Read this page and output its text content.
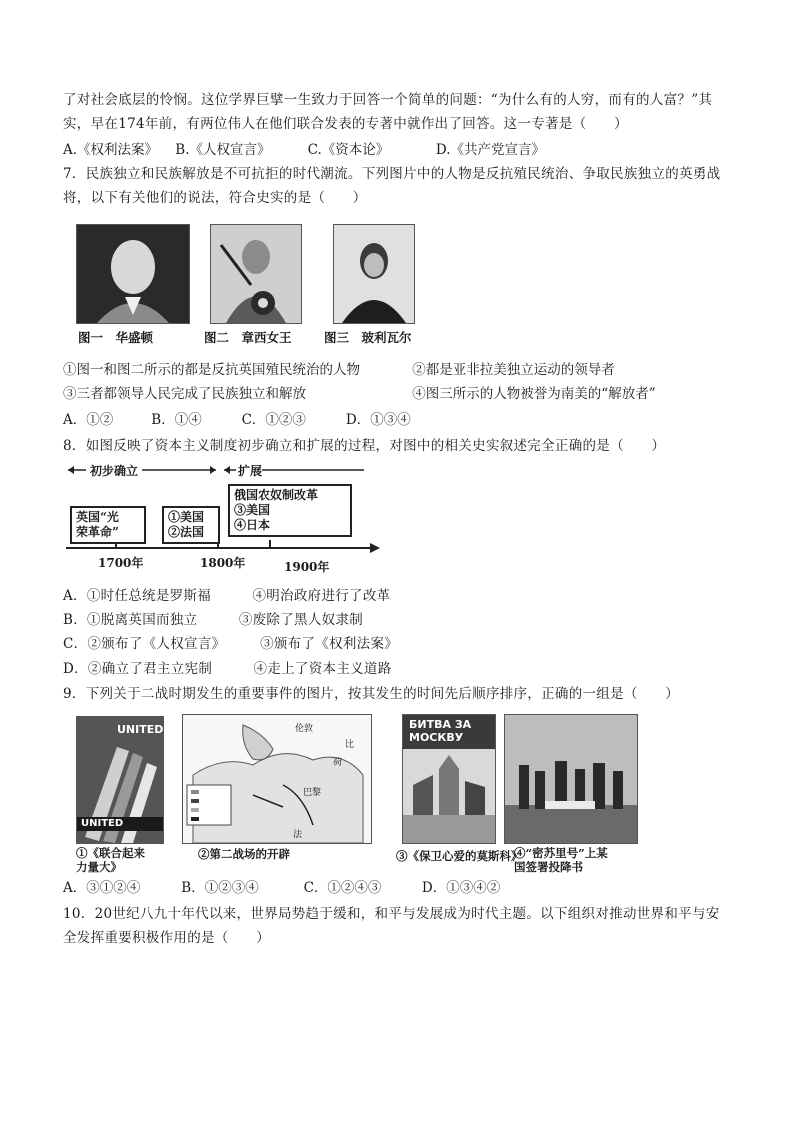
了对社会底层的怜悯。这位学界巨擘一生致力于回答一个简单的问题：“为什么有的人穷，而有的人富？”其
实，早在174年前，有两位伟人在他们联合发表的专著中就作出了回答。这一专著是（　　）
A.《权利法案》 B.《人权宣言》	C.《资本论》	D.《共产党宣言》
7．民族独立和民族解放是不可抗拒的时代潮流。下列图片中的人物是反抗殖民统治、争取民族独立的英勇战
将，以下有关他们的说法，符合史实的是（　　）
图一　华盛顿	图二　章西女王	图三　玻利瓦尔
①图一和图二所示的都是反抗英国殖民统治的人物	②都是亚非拉美独立运动的领导者
③三者都领导人民完成了民族独立和解放	④图三所示的人物被誉为南美的“解放者”
A．①②	B．①④	C．①②③	D．①③④
8．如图反映了资本主义制度初步确立和扩展的过程，对图中的相关史实叙述完全正确的是（　　）
初步确立	扩展
英国“光
荣革命”
①美国
②法国
俄国农奴制改革
③美国
④日本
1700年	1800年	1900年
A．①时任总统是罗斯福　　　④明治政府进行了改革
B．①脱离英国而独立　　　③废除了黑人奴隶制
C．②颁布了《人权宣言》　　　③颁布了《权利法案》
D．②确立了君主立宪制　　　④走上了资本主义道路
9．下列关于二战时期发生的重要事件的图片，按其发生的时间先后顺序排序，正确的一组是（　　）
UNITED
UNITED
伦敦
巴黎
法
比
荷
БИТВА ЗА
МОСКВУ
①《联合起来
力量大》
②第二战场的开辟	③《保卫心爱的莫斯科》
④“密苏里号”上某
国签署投降书
A．③①②④	B．①②③④	C．①②④③	D．①③④②
10．20世纪八九十年代以来，世界局势趋于缓和，和平与发展成为时代主题。以下组织对推动世界和平与安
全发挥重要积极作用的是（　　）
